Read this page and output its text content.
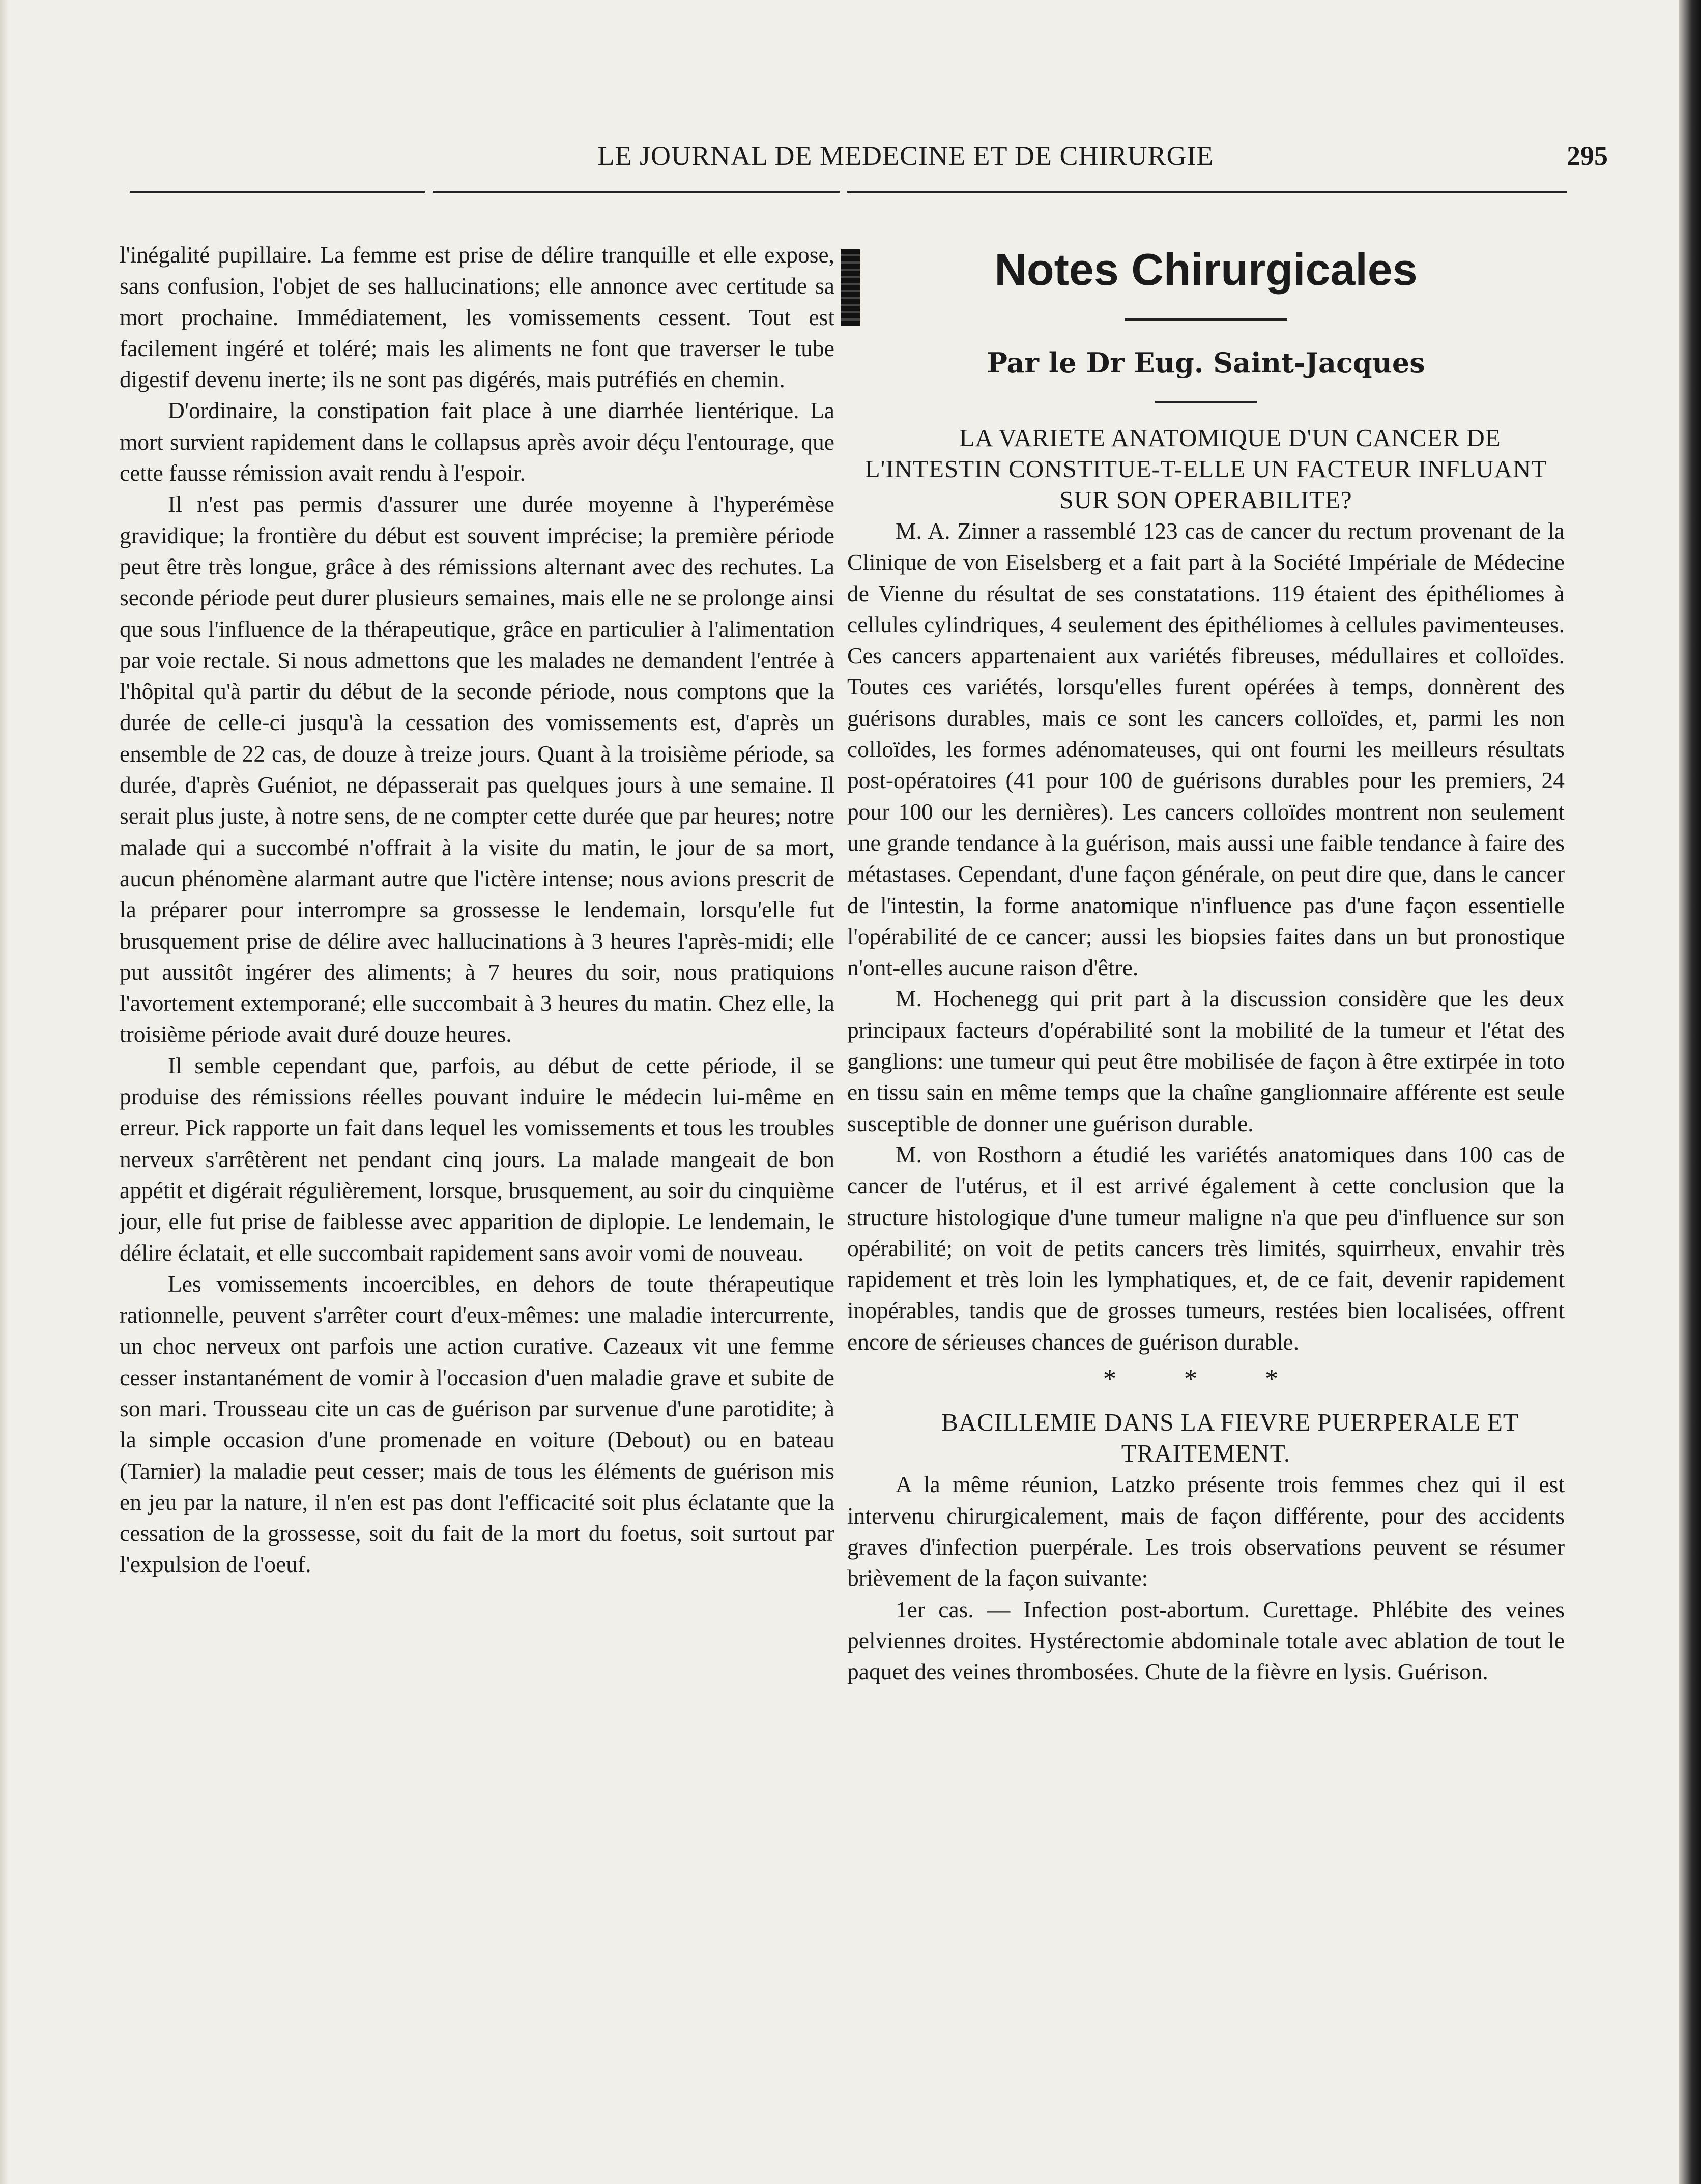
LE JOURNAL DE MEDECINE ET DE CHIRURGIE	295

l'inégalité pupillaire. La femme est prise de délire tranquille et elle expose, sans confusion, l'objet de ses hallucinations; elle annonce avec certitude sa mort prochaine. Immédiatement, les vomissements cessent. Tout est facilement ingéré et toléré; mais les aliments ne font que traverser le tube digestif devenu inerte; ils ne sont pas digérés, mais putréfiés en chemin.

D'ordinaire, la constipation fait place à une diarrhée lientérique. La mort survient rapidement dans le collapsus après avoir déçu l'entourage, que cette fausse rémission avait rendu à l'espoir.

Il n'est pas permis d'assurer une durée moyenne à l'hyperémèse gravidique; la frontière du début est souvent imprécise; la première période peut être très longue, grâce à des rémissions alternant avec des rechutes. La seconde période peut durer plusieurs semaines, mais elle ne se prolonge ainsi que sous l'influence de la thérapeutique, grâce en particulier à l'alimentation par voie rectale. Si nous admettons que les malades ne demandent l'entrée à l'hôpital qu'à partir du début de la seconde période, nous comptons que la durée de celle-ci jusqu'à la cessation des vomissements est, d'après un ensemble de 22 cas, de douze à treize jours. Quant à la troisième période, sa durée, d'après Guéniot, ne dépasserait pas quelques jours à une semaine. Il serait plus juste, à notre sens, de ne compter cette durée que par heures; notre malade qui a succombé n'offrait à la visite du matin, le jour de sa mort, aucun phénomène alarmant autre que l'ictère intense; nous avions prescrit de la préparer pour interrompre sa grossesse le lendemain, lorsqu'elle fut brusquement prise de délire avec hallucinations à 3 heures l'après-midi; elle put aussitôt ingérer des aliments; à 7 heures du soir, nous pratiquions l'avortement extemporané; elle succombait à 3 heures du matin. Chez elle, la troisième période avait duré douze heures.

Il semble cependant que, parfois, au début de cette période, il se produise des rémissions réelles pouvant induire le médecin lui-même en erreur. Pick rapporte un fait dans lequel les vomissements et tous les troubles nerveux s'arrêtèrent net pendant cinq jours. La malade mangeait de bon appétit et digérait régulièrement, lorsque, brusquement, au soir du cinquième jour, elle fut prise de faiblesse avec apparition de diplopie. Le lendemain, le délire éclatait, et elle succombait rapidement sans avoir vomi de nouveau.

Les vomissements incoercibles, en dehors de toute thérapeutique rationnelle, peuvent s'arrêter court d'eux-mêmes: une maladie intercurrente, un choc nerveux ont parfois une action curative. Cazeaux vit une femme cesser instantanément de vomir à l'occasion d'uen maladie grave et subite de son mari. Trousseau cite un cas de guérison par survenue d'une parotidite; à la simple occasion d'une promenade en voiture (Debout) ou en bateau (Tarnier) la maladie peut cesser; mais de tous les éléments de guérison mis en jeu par la nature, il n'en est pas dont l'efficacité soit plus éclatante que la cessation de la grossesse, soit du fait de la mort du foetus, soit surtout par l'expulsion de l'oeuf.

Notes Chirurgicales
Par le Dr Eug. Saint-Jacques

LA VARIETE ANATOMIQUE D'UN CANCER DE L'INTESTIN CONSTITUE-T-ELLE UN FACTEUR INFLUANT SUR SON OPERABILITE?

M. A. Zinner a rassemblé 123 cas de cancer du rectum provenant de la Clinique de von Eiselsberg et a fait part à la Société Impériale de Médecine de Vienne du résultat de ses constatations. 119 étaient des épithéliomes à cellules cylindriques, 4 seulement des épithéliomes à cellules pavimenteuses. Ces cancers appartenaient aux variétés fibreuses, médullaires et colloïdes. Toutes ces variétés, lorsqu'elles furent opérées à temps, donnèrent des guérisons durables, mais ce sont les cancers colloïdes, et, parmi les non colloïdes, les formes adénomateuses, qui ont fourni les meilleurs résultats post-opératoires (41 pour 100 de guérisons durables pour les premiers, 24 pour 100 our les dernières). Les cancers colloïdes montrent non seulement une grande tendance à la guérison, mais aussi une faible tendance à faire des métastases. Cependant, d'une façon générale, on peut dire que, dans le cancer de l'intestin, la forme anatomique n'influence pas d'une façon essentielle l'opérabilité de ce cancer; aussi les biopsies faites dans un but pronostique n'ont-elles aucune raison d'être.

M. Hochenegg qui prit part à la discussion considère que les deux principaux facteurs d'opérabilité sont la mobilité de la tumeur et l'état des ganglions: une tumeur qui peut être mobilisée de façon à être extirpée in toto en tissu sain en même temps que la chaîne ganglionnaire afférente est seule susceptible de donner une guérison durable.

M. von Rosthorn a étudié les variétés anatomiques dans 100 cas de cancer de l'utérus, et il est arrivé également à cette conclusion que la structure histologique d'une tumeur maligne n'a que peu d'influence sur son opérabilité; on voit de petits cancers très limités, squirrheux, envahir très rapidement et très loin les lymphatiques, et, de ce fait, devenir rapidement inopérables, tandis que de grosses tumeurs, restées bien localisées, offrent encore de sérieuses chances de guérison durable.

* * *

BACILLEMIE DANS LA FIEVRE PUERPERALE ET TRAITEMENT.

A la même réunion, Latzko présente trois femmes chez qui il est intervenu chirurgicalement, mais de façon différente, pour des accidents graves d'infection puerpérale. Les trois observations peuvent se résumer brièvement de la façon suivante:

1er cas. — Infection post-abortum. Curettage. Phlébite des veines pelviennes droites. Hystérectomie abdominale totale avec ablation de tout le paquet des veines thrombosées. Chute de la fièvre en lysis. Guérison.
